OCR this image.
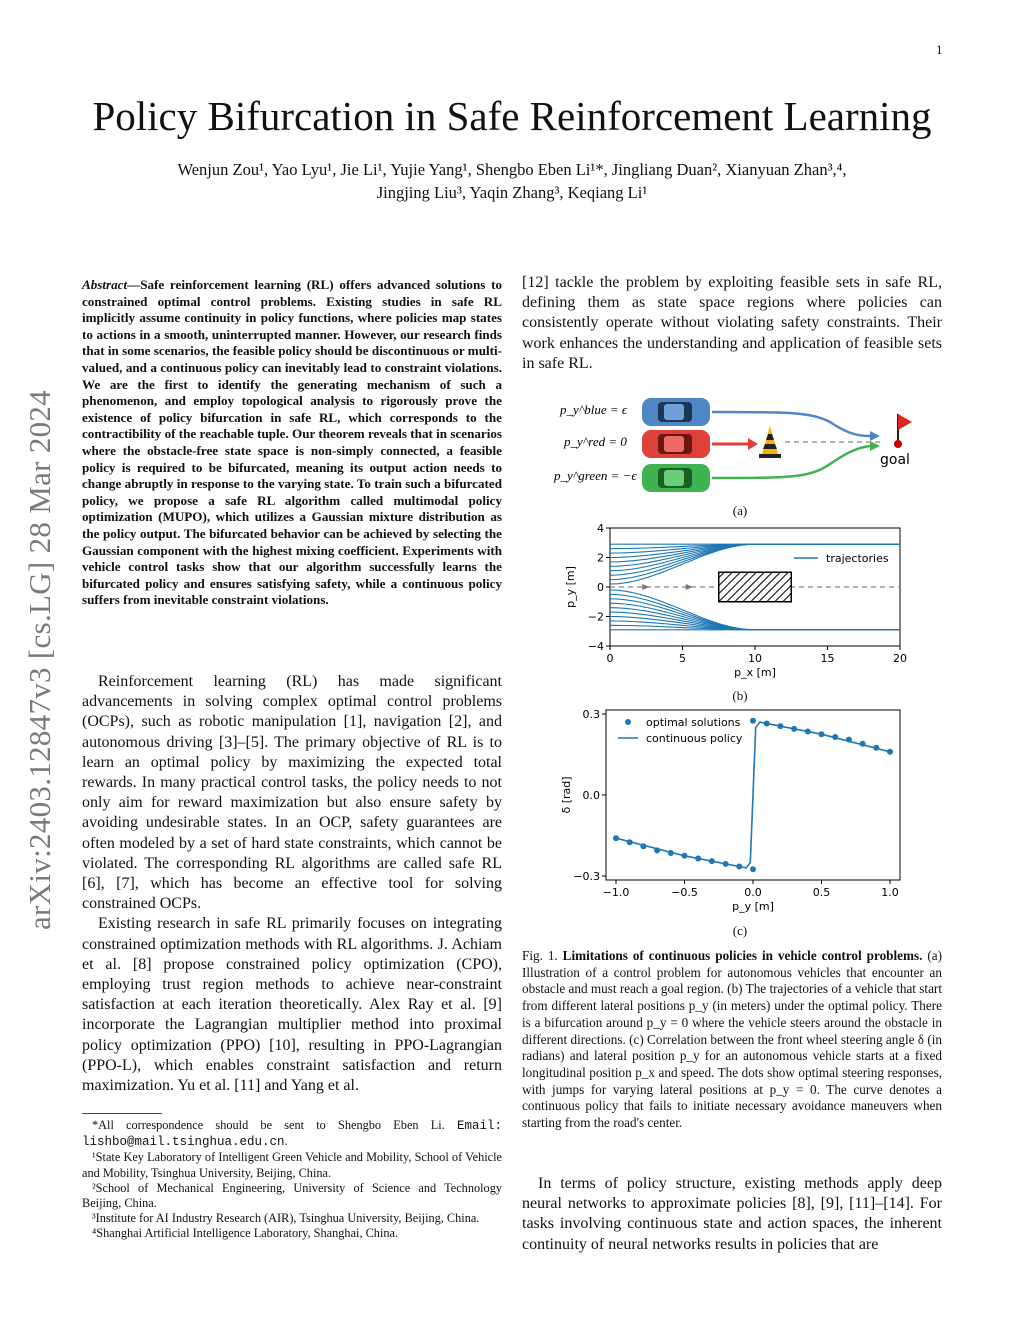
1
arXiv:2403.12847v3 [cs.LG] 28 Mar 2024
Policy Bifurcation in Safe Reinforcement Learning
Wenjun Zou¹, Yao Lyu¹, Jie Li¹, Yujie Yang¹, Shengbo Eben Li¹*, Jingliang Duan², Xianyuan Zhan³,⁴,
Jingjing Liu³, Yaqin Zhang³, Keqiang Li¹
Abstract—Safe reinforcement learning (RL) offers advanced solutions to constrained optimal control problems. Existing studies in safe RL implicitly assume continuity in policy functions, where policies map states to actions in a smooth, uninterrupted manner. However, our research finds that in some scenarios, the feasible policy should be discontinuous or multi-valued, and a continuous policy can inevitably lead to constraint violations. We are the first to identify the generating mechanism of such a phenomenon, and employ topological analysis to rigorously prove the existence of policy bifurcation in safe RL, which corresponds to the contractibility of the reachable tuple. Our theorem reveals that in scenarios where the obstacle-free state space is non-simply connected, a feasible policy is required to be bifurcated, meaning its output action needs to change abruptly in response to the varying state. To train such a bifurcated policy, we propose a safe RL algorithm called multimodal policy optimization (MUPO), which utilizes a Gaussian mixture distribution as the policy output. The bifurcated behavior can be achieved by selecting the Gaussian component with the highest mixing coefficient. Experiments with vehicle control tasks show that our algorithm successfully learns the bifurcated policy and ensures satisfying safety, while a continuous policy suffers from inevitable constraint violations.

Reinforcement learning (RL) has made significant advancements in solving complex optimal control problems (OCPs), such as robotic manipulation [1], navigation [2], and autonomous driving [3]–[5]. The primary objective of RL is to learn an optimal policy by maximizing the expected total rewards. In many practical control tasks, the policy needs to not only aim for reward maximization but also ensure safety by avoiding undesirable states. In an OCP, safety guarantees are often modeled by a set of hard state constraints, which cannot be violated. The corresponding RL algorithms are called safe RL [6], [7], which has become an effective tool for solving constrained OCPs.

Existing research in safe RL primarily focuses on integrating constrained optimization methods with RL algorithms. J. Achiam et al. [8] propose constrained policy optimization (CPO), employing trust region methods to achieve near-constraint satisfaction at each iteration theoretically. Alex Ray et al. [9] incorporate the Lagrangian multiplier method into proximal policy optimization (PPO) [10], resulting in PPO-Lagrangian (PPO-L), which enables constraint satisfaction and return maximization. Yu et al. [11] and Yang et al.

*All correspondence should be sent to Shengbo Eben Li. Email: lishbo@mail.tsinghua.edu.cn.

¹State Key Laboratory of Intelligent Green Vehicle and Mobility, School of Vehicle and Mobility, Tsinghua University, Beijing, China.

²School of Mechanical Engineering, University of Science and Technology Beijing, China.

³Institute for AI Industry Research (AIR), Tsinghua University, Beijing, China.

⁴Shanghai Artificial Intelligence Laboratory, Shanghai, China.

[12] tackle the problem by exploiting feasible sets in safe RL, defining them as state space regions where policies can consistently operate without violating safety constraints. Their work enhances the understanding and application of feasible sets in safe RL.

p_y^blue = ϵ
p_y^red = 0
p_y^green = −ϵ
goal
(a)
0	5	10	15	20
4
2
0
−2
−4
p_x [m]
p_y [m]
trajectories
(b)
−1.0	−0.5	0.0	0.5	1.0
0.3
0.0
−0.3
p_y [m]
δ [rad]
optimal solutions
continuous policy
(c)
Fig. 1. Limitations of continuous policies in vehicle control problems. (a) Illustration of a control problem for autonomous vehicles that encounter an obstacle and must reach a goal region. (b) The trajectories of a vehicle that start from different lateral positions p_y (in meters) under the optimal policy. There is a bifurcation around p_y = 0 where the vehicle steers around the obstacle in different directions. (c) Correlation between the front wheel steering angle δ (in radians) and lateral position p_y for an autonomous vehicle starts at a fixed longitudinal position p_x and speed. The dots show optimal steering responses, with jumps for varying lateral positions at p_y = 0. The curve denotes a continuous policy that fails to initiate necessary avoidance maneuvers when starting from the road's center.

In terms of policy structure, existing methods apply deep neural networks to approximate policies [8], [9], [11]–[14]. For tasks involving continuous state and action spaces, the inherent continuity of neural networks results in policies that are
